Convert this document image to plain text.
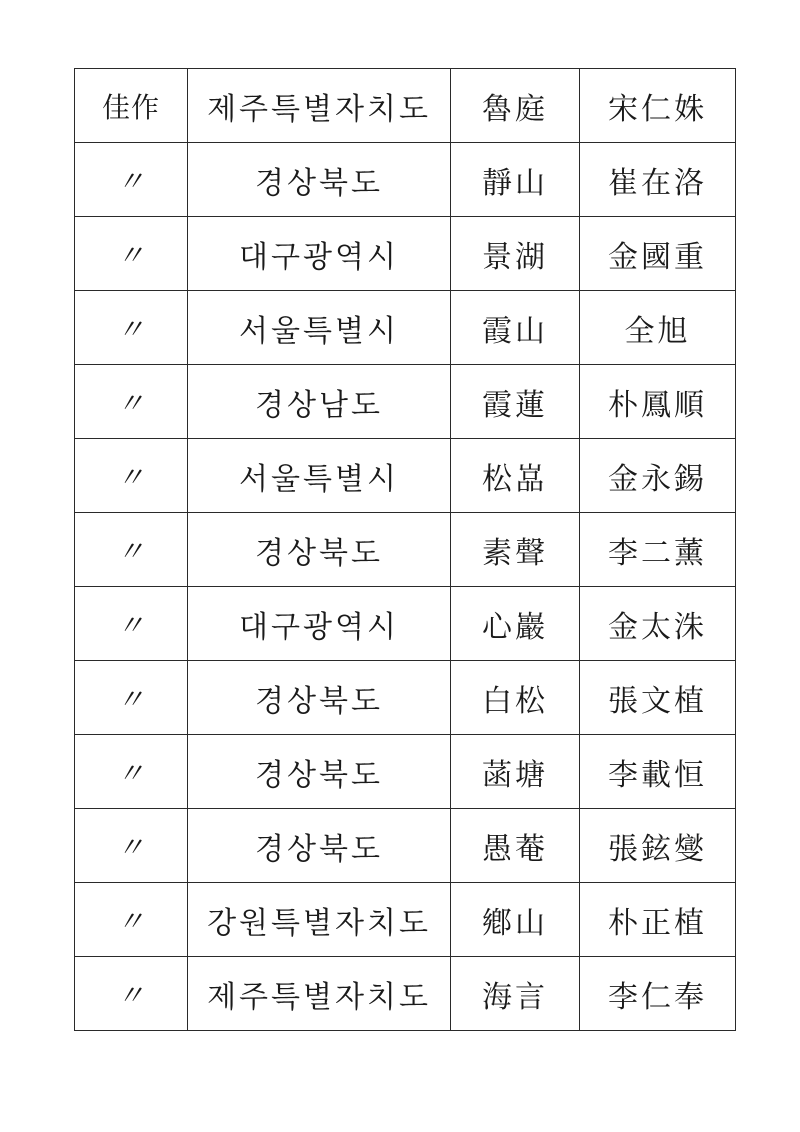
佳作	제주특별자치도	魯庭	宋仁姝
〃	경상북도	靜山	崔在洛
〃	대구광역시	景湖	金國重
〃	서울특별시	霞山	全旭
〃	경상남도	霞蓮	朴鳳順
〃	서울특별시	松嵓	金永錫
〃	경상북도	素聲	李二薰
〃	대구광역시	心巖	金太洙
〃	경상북도	白松	張文植
〃	경상북도	菡塘	李載恒
〃	경상북도	愚菴	張鉉燮
〃	강원특별자치도	鄕山	朴正植
〃	제주특별자치도	海言	李仁奉
